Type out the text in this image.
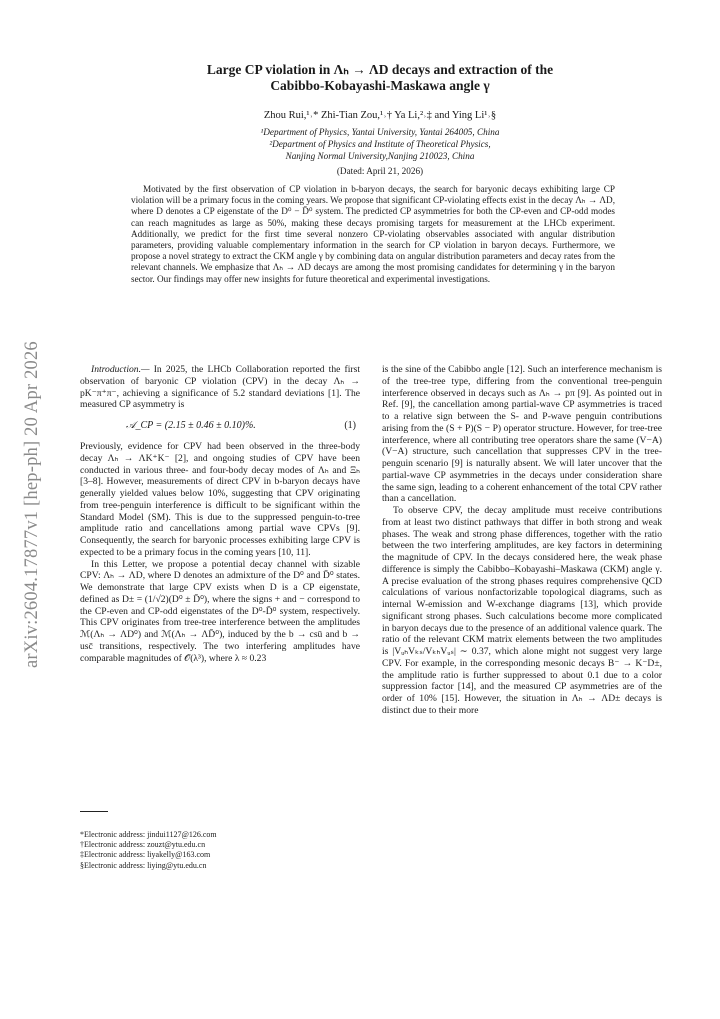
arXiv:2604.17877v1 [hep-ph] 20 Apr 2026
Large CP violation in Λₕ → ΛD decays and extraction of the
Cabibbo-Kobayashi-Maskawa angle γ
Zhou Rui,¹˒* Zhi-Tian Zou,¹˒† Ya Li,²˒‡ and Ying Li¹˒§
¹Department of Physics, Yantai University, Yantai 264005, China
²Department of Physics and Institute of Theoretical Physics,
Nanjing Normal University,Nanjing 210023, China
(Dated: April 21, 2026)

Motivated by the first observation of CP violation in b-baryon decays, the search for baryonic decays exhibiting large CP violation will be a primary focus in the coming years. We propose that significant CP-violating effects exist in the decay Λₕ → ΛD, where D denotes a CP eigenstate of the D⁰ − D̄⁰ system. The predicted CP asymmetries for both the CP-even and CP-odd modes can reach magnitudes as large as 50%, making these decays promising targets for measurement at the LHCb experiment. Additionally, we predict for the first time several nonzero CP-violating observables associated with angular distribution parameters, providing valuable complementary information in the search for CP violation in baryon decays. Furthermore, we propose a novel strategy to extract the CKM angle γ by combining data on angular distribution parameters and decay rates from the relevant channels. We emphasize that Λₕ → ΛD decays are among the most promising candidates for determining γ in the baryon sector. Our findings may offer new insights for future theoretical and experimental investigations.

Introduction.— In 2025, the LHCb Collaboration reported the first observation of baryonic CP violation (CPV) in the decay Λₕ → pK⁻π⁺π⁻, achieving a significance of 5.2 standard deviations [1]. The measured CP asymmetry is

𝒜_CP = (2.15 ± 0.46 ± 0.10)%.	(1)

Previously, evidence for CPV had been observed in the three-body decay Λₕ → ΛK⁺K⁻ [2], and ongoing studies of CPV have been conducted in various three- and four-body decay modes of Λₕ and Ξₕ [3–8]. However, measurements of direct CPV in b-baryon decays have generally yielded values below 10%, suggesting that CPV originating from tree-penguin interference is difficult to be significant within the Standard Model (SM). This is due to the suppressed penguin-to-tree amplitude ratio and cancellations among partial wave CPVs [9]. Consequently, the search for baryonic processes exhibiting large CPV is expected to be a primary focus in the coming years [10, 11].

In this Letter, we propose a potential decay channel with sizable CPV: Λₕ → ΛD, where D denotes an admixture of the D⁰ and D̄⁰ states. We demonstrate that large CPV exists when D is a CP eigenstate, defined as D± = (1/√2)(D⁰ ± D̄⁰), where the signs + and − correspond to the CP-even and CP-odd eigenstates of the D⁰-D̄⁰ system, respectively. This CPV originates from tree-tree interference between the amplitudes ℳ(Λₕ → ΛD⁰) and ℳ(Λₕ → ΛD̄⁰), induced by the b → csū and b → usc̄ transitions, respectively. The two interfering amplitudes have comparable magnitudes of 𝒪(λ³), where λ ≈ 0.23

is the sine of the Cabibbo angle [12]. Such an interference mechanism is of the tree-tree type, differing from the conventional tree-penguin interference observed in decays such as Λₕ → pπ [9]. As pointed out in Ref. [9], the cancellation among partial-wave CP asymmetries is traced to a relative sign between the S- and P-wave penguin contributions arising from the (S + P)(S − P) operator structure. However, for tree-tree interference, where all contributing tree operators share the same (V−A)(V−A) structure, such cancellation that suppresses CPV in the tree-penguin scenario [9] is naturally absent. We will later uncover that the partial-wave CP asymmetries in the decays under consideration share the same sign, leading to a coherent enhancement of the total CPV rather than a cancellation.

To observe CPV, the decay amplitude must receive contributions from at least two distinct pathways that differ in both strong and weak phases. The weak and strong phase differences, together with the ratio between the two interfering amplitudes, are key factors in determining the magnitude of CPV. In the decays considered here, the weak phase difference is simply the Cabibbo–Kobayashi–Maskawa (CKM) angle γ. A precise evaluation of the strong phases requires comprehensive QCD calculations of various nonfactorizable topological diagrams, such as internal W-emission and W-exchange diagrams [13], which provide significant strong phases. Such calculations become more complicated in baryon decays due to the presence of an additional valence quark. The ratio of the relevant CKM matrix elements between the two amplitudes is |VᵤₕVₖₛ/VₖₕVᵤₛ| ∼ 0.37, which alone might not suggest very large CPV. For example, in the corresponding mesonic decays B⁻ → K⁻D±, the amplitude ratio is further suppressed to about 0.1 due to a color suppression factor [14], and the measured CP asymmetries are of the order of 10% [15]. However, the situation in Λₕ → ΛD± decays is distinct due to their more

*Electronic address: jindui1127@126.com
†Electronic address: zouzt@ytu.edu.cn
‡Electronic address: liyakelly@163.com
§Electronic address: liying@ytu.edu.cn
